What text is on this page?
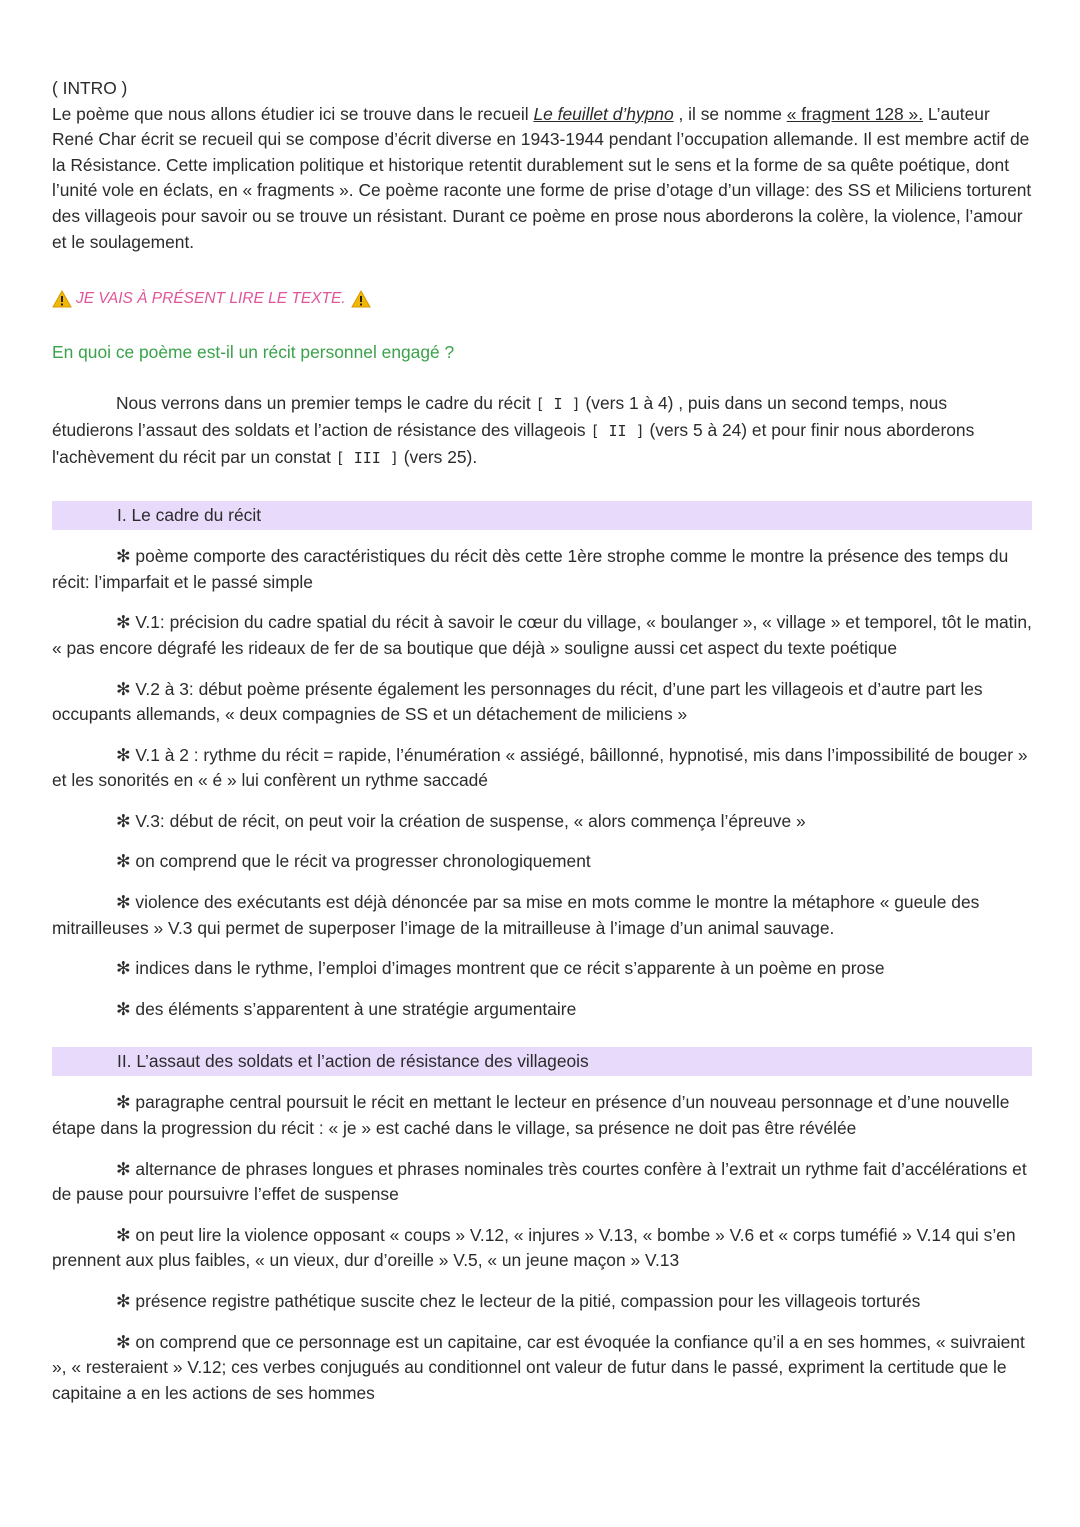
( INTRO )

Le poème que nous allons étudier ici se trouve dans le recueil Le feuillet d’hypno , il se nomme « fragment 128 ». L’auteur René Char écrit se recueil qui se compose d’écrit diverse en 1943-1944 pendant l’occupation allemande. Il est membre actif de la Résistance. Cette implication politique et historique retentit durablement sut le sens et la forme de sa quête poétique, dont l’unité vole en éclats, en « fragments ». Ce poème raconte une forme de prise d’otage d’un village: des SS et Miliciens torturent des villageois pour savoir ou se trouve un résistant. Durant ce poème en prose nous aborderons la colère, la violence, l’amour et le soulagement.

JE VAIS À PRÉSENT LIRE LE TEXTE.

En quoi ce poème est-il un récit personnel engagé ?

Nous verrons dans un premier temps le cadre du récit [ I ] (vers 1 à 4) , puis dans un second temps, nous étudierons l’assaut des soldats et l’action de résistance des villageois [ II ] (vers 5 à 24) et pour finir nous aborderons l'achèvement du récit par un constat [ III ] (vers 25).

I. Le cadre du récit

✻ poème comporte des caractéristiques du récit dès cette 1ère strophe comme le montre la présence des temps du récit: l’imparfait et le passé simple

✻ V.1: précision du cadre spatial du récit à savoir le cœur du village, « boulanger », « village » et temporel, tôt le matin, « pas encore dégrafé les rideaux de fer de sa boutique que déjà » souligne aussi cet aspect du texte poétique

✻ V.2 à 3: début poème présente également les personnages du récit, d’une part les villageois et d’autre part les occupants allemands, « deux compagnies de SS et un détachement de miliciens »

✻ V.1 à 2 : rythme du récit = rapide, l’énumération « assiégé, bâillonné, hypnotisé, mis dans l’impossibilité de bouger » et les sonorités en « é » lui confèrent un rythme saccadé

✻ V.3: début de récit, on peut voir la création de suspense, « alors commença l’épreuve »

✻ on comprend que le récit va progresser chronologiquement

✻ violence des exécutants est déjà dénoncée par sa mise en mots comme le montre la métaphore « gueule des mitrailleuses » V.3 qui permet de superposer l’image de la mitrailleuse à l’image d’un animal sauvage.

✻ indices dans le rythme, l’emploi d’images montrent que ce récit s’apparente à un poème en prose

✻ des éléments s’apparentent à une stratégie argumentaire

II. L’assaut des soldats et l’action de résistance des villageois

✻ paragraphe central poursuit le récit en mettant le lecteur en présence d’un nouveau personnage et d’une nouvelle étape dans la progression du récit : « je » est caché dans le village, sa présence ne doit pas être révélée

✻ alternance de phrases longues et phrases nominales très courtes confère à l’extrait un rythme fait d’accélérations et de pause pour poursuivre l’effet de suspense

✻ on peut lire la violence opposant « coups » V.12, « injures » V.13, « bombe » V.6 et « corps tuméfié » V.14 qui s’en prennent aux plus faibles, « un vieux, dur d’oreille » V.5, « un jeune maçon » V.13

✻ présence registre pathétique suscite chez le lecteur de la pitié, compassion pour les villageois torturés

✻ on comprend que ce personnage est un capitaine, car est évoquée la confiance qu’il a en ses hommes, « suivraient », « resteraient » V.12; ces verbes conjugués au conditionnel ont valeur de futur dans le passé, expriment la certitude que le capitaine a en les actions de ses hommes
